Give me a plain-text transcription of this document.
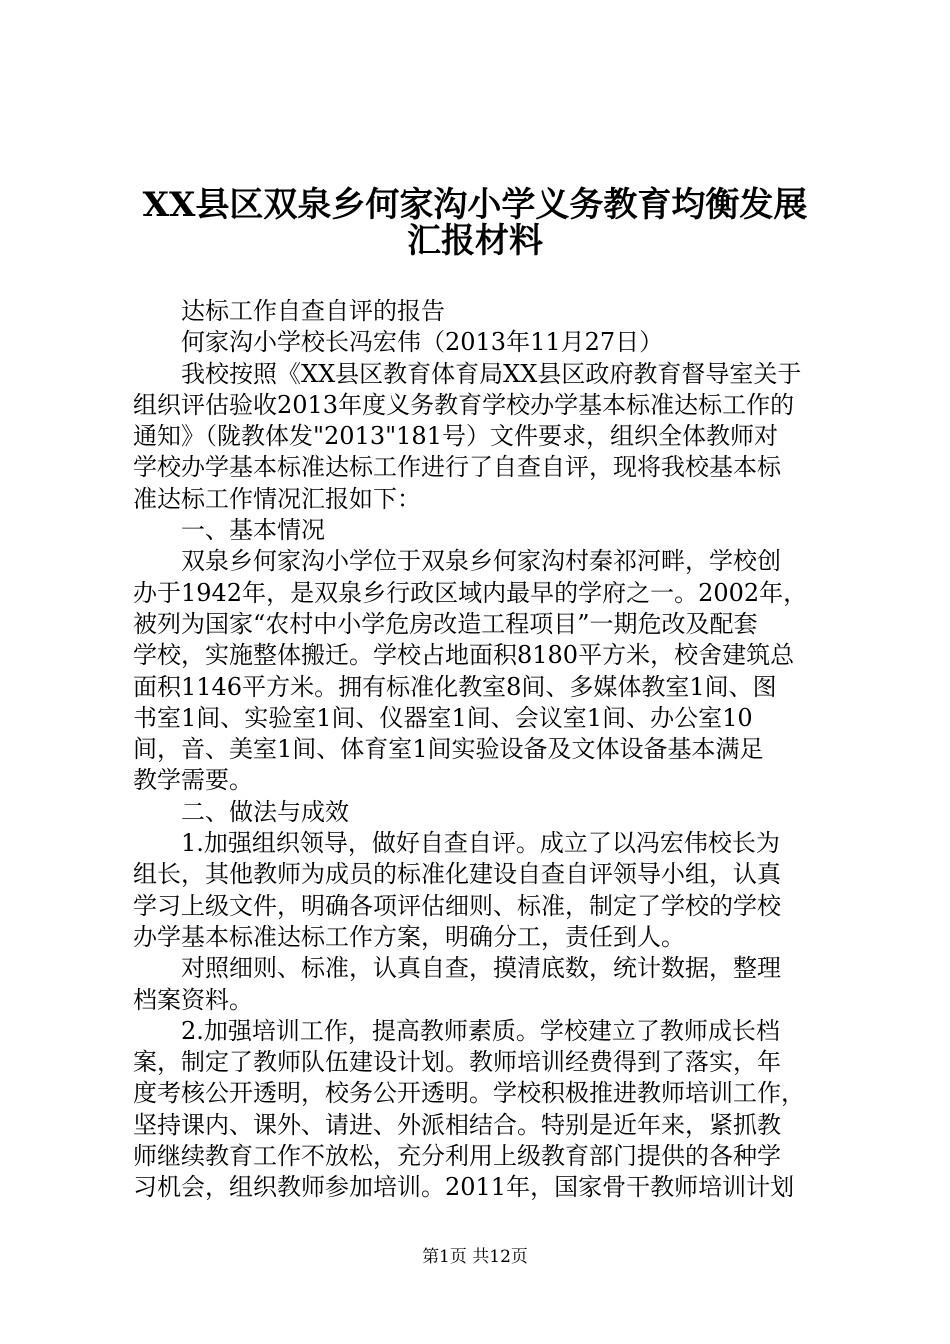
XX县区双泉乡何家沟小学义务教育均衡发展
汇报材料
达标工作自查自评的报告
何家沟小学校长冯宏伟（2013年11月27日）
我校按照《XX县区教育体育局XX县区政府教育督导室关于
组织评估验收2013年度义务教育学校办学基本标准达标工作的
通知》（陇教体发"2013"181号）文件要求，组织全体教师对
学校办学基本标准达标工作进行了自查自评，现将我校基本标
准达标工作情况汇报如下：
一、基本情况
双泉乡何家沟小学位于双泉乡何家沟村秦祁河畔，学校创
办于1942年，是双泉乡行政区域内最早的学府之一。2002年，
被列为国家“农村中小学危房改造工程项目”一期危改及配套
学校，实施整体搬迁。学校占地面积8180平方米，校舍建筑总
面积1146平方米。拥有标准化教室8间、多媒体教室1间、图
书室1间、实验室1间、仪器室1间、会议室1间、办公室10
间，音、美室1间、体育室1间实验设备及文体设备基本满足
教学需要。
二、做法与成效
1.加强组织领导，做好自查自评。成立了以冯宏伟校长为
组长，其他教师为成员的标准化建设自查自评领导小组，认真
学习上级文件，明确各项评估细则、标准，制定了学校的学校
办学基本标准达标工作方案，明确分工，责任到人。
对照细则、标准，认真自查，摸清底数，统计数据，整理
档案资料。
2.加强培训工作，提高教师素质。学校建立了教师成长档
案，制定了教师队伍建设计划。教师培训经费得到了落实，年
度考核公开透明，校务公开透明。学校积极推进教师培训工作，
坚持课内、课外、请进、外派相结合。特别是近年来，紧抓教
师继续教育工作不放松，充分利用上级教育部门提供的各种学
习机会，组织教师参加培训。2011年，国家骨干教师培训计划
第1页 共12页
